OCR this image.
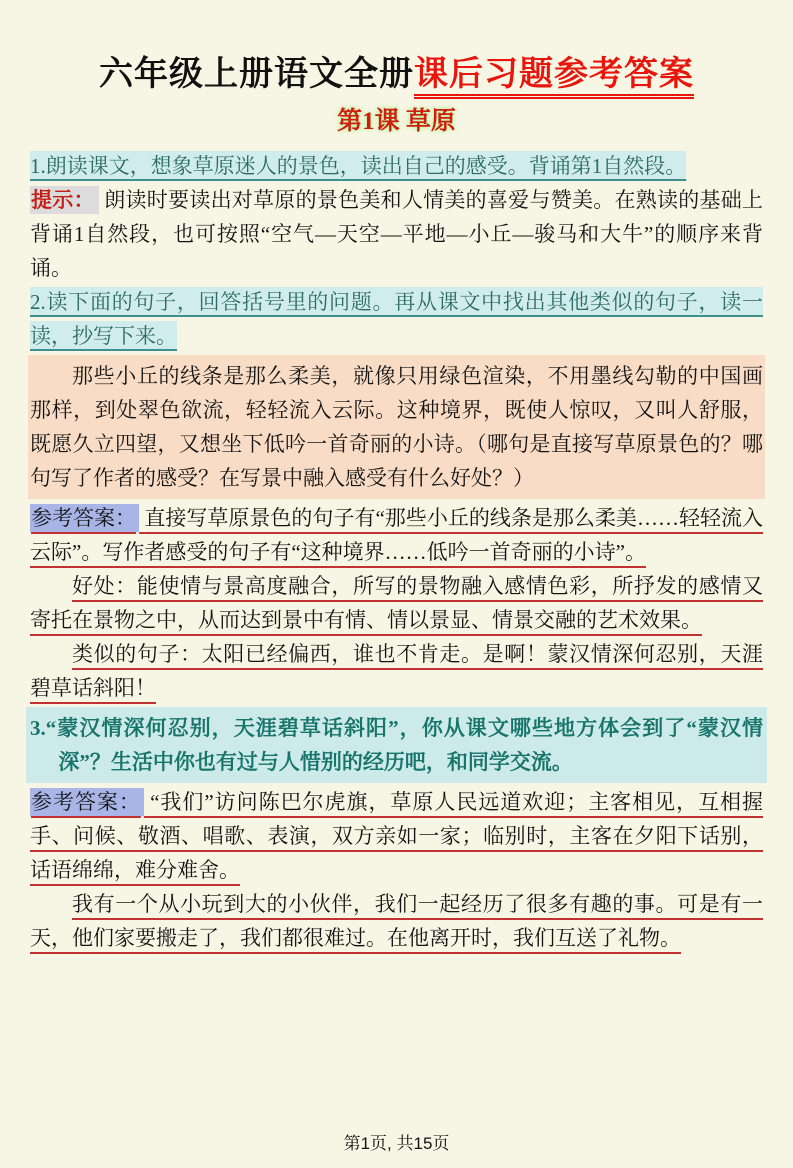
六年级上册语文全册课后习题参考答案
第1课 草原

1.朗读课文，想象草原迷人的景色，读出自己的感受。背诵第1自然段。

提示： 朗读时要读出对草原的景色美和人情美的喜爱与赞美。在熟读的基础上背诵1自然段，也可按照“空气—天空—平地—小丘—骏马和大牛”的顺序来背诵。

2.读下面的句子，回答括号里的问题。再从课文中找出其他类似的句子，读一读，抄写下来。

那些小丘的线条是那么柔美，就像只用绿色渲染，不用墨线勾勒的中国画那样，到处翠色欲流，轻轻流入云际。这种境界，既使人惊叹，又叫人舒服，既愿久立四望，又想坐下低吟一首奇丽的小诗。（哪句是直接写草原景色的？哪句写了作者的感受？在写景中融入感受有什么好处？）

参考答案： 直接写草原景色的句子有“那些小丘的线条是那么柔美……轻轻流入云际”。写作者感受的句子有“这种境界……低吟一首奇丽的小诗”。

好处：能使情与景高度融合，所写的景物融入感情色彩，所抒发的感情又寄托在景物之中，从而达到景中有情、情以景显、情景交融的艺术效果。

类似的句子：太阳已经偏西，谁也不肯走。是啊！蒙汉情深何忍别，天涯碧草话斜阳！

3.“蒙汉情深何忍别，天涯碧草话斜阳”，你从课文哪些地方体会到了“蒙汉情深”？生活中你也有过与人惜别的经历吧，和同学交流。

参考答案： “我们”访问陈巴尔虎旗，草原人民远道欢迎；主客相见，互相握手、问候、敬酒、唱歌、表演，双方亲如一家；临别时，主客在夕阳下话别，话语绵绵，难分难舍。

我有一个从小玩到大的小伙伴，我们一起经历了很多有趣的事。可是有一天，他们家要搬走了，我们都很难过。在他离开时，我们互送了礼物。

第1页, 共15页
